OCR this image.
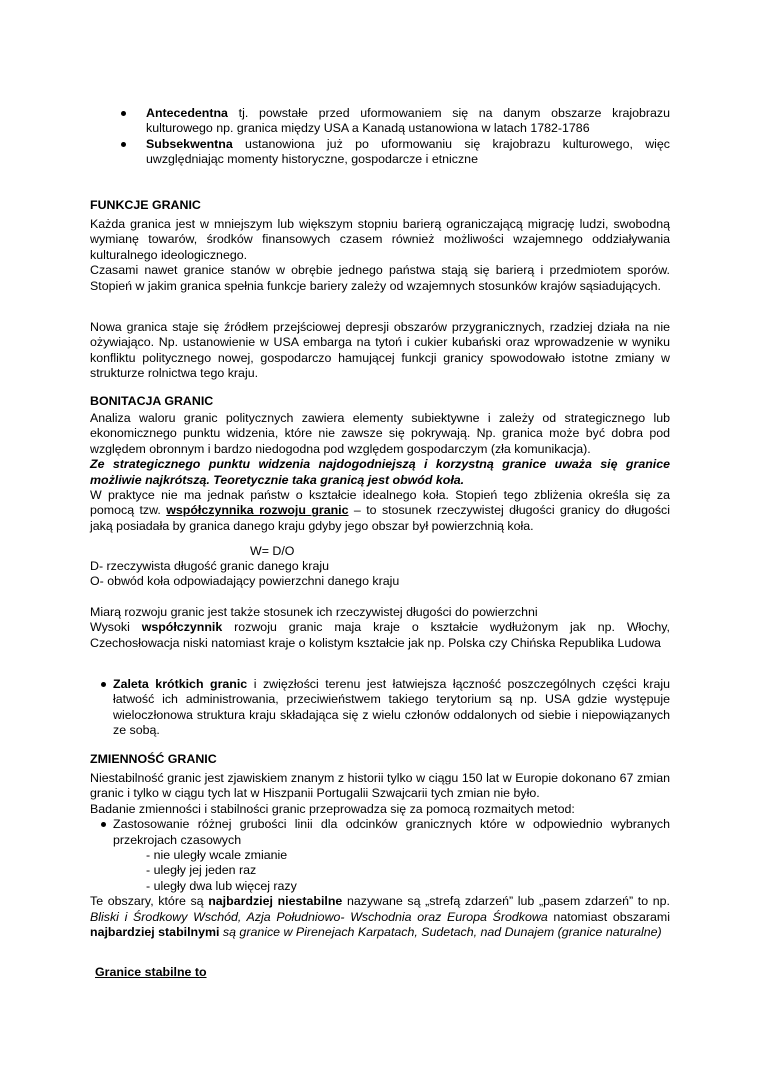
Antecedentna tj. powstałe przed uformowaniem się na danym obszarze krajobrazu kulturowego np. granica między USA a Kanadą ustanowiona w latach 1782-1786
Subsekwentna ustanowiona już po uformowaniu się krajobrazu kulturowego, więc uwzględniając momenty historyczne, gospodarcze i etniczne
FUNKCJE GRANIC

Każda granica jest w mniejszym lub większym stopniu barierą ograniczającą migrację ludzi, swobodną wymianę towarów, środków finansowych czasem również możliwości wzajemnego oddziaływania kulturalnego ideologicznego.

Czasami nawet granice stanów w obrębie jednego państwa stają się barierą i przedmiotem sporów. Stopień w jakim granica spełnia funkcje bariery zależy od wzajemnych stosunków krajów sąsiadujących.

Nowa granica staje się źródłem przejściowej depresji obszarów przygranicznych, rzadziej działa na nie ożywiająco. Np. ustanowienie w USA embarga na tytoń i cukier kubański oraz wprowadzenie w wyniku konfliktu politycznego nowej, gospodarczo hamującej funkcji granicy spowodowało istotne zmiany w strukturze rolnictwa tego kraju.

BONITACJA GRANIC

Analiza waloru granic politycznych zawiera elementy subiektywne i zależy od strategicznego lub ekonomicznego punktu widzenia, które nie zawsze się pokrywają. Np. granica może być dobra pod względem obronnym i bardzo niedogodna pod względem gospodarczym (zła komunikacja).

Ze strategicznego punktu widzenia najdogodniejszą i korzystną granice uważa się granice możliwie najkrótszą. Teoretycznie taka granicą jest obwód koła.

W praktyce nie ma jednak państw o kształcie idealnego koła. Stopień tego zbliżenia określa się za pomocą tzw. współczynnika rozwoju granic – to stosunek rzeczywistej długości granicy do długości jaką posiadała by granica danego kraju gdyby jego obszar był powierzchnią koła.

W= D/O

D- rzeczywista długość granic danego kraju

O- obwód koła odpowiadający powierzchni danego kraju

Miarą rozwoju granic jest także stosunek ich rzeczywistej długości do powierzchni

Wysoki współczynnik rozwoju granic maja kraje o kształcie wydłużonym jak np. Włochy, Czechosłowacja niski natomiast kraje o kolistym kształcie jak np. Polska czy Chińska Republika Ludowa

Zaleta krótkich granic i zwięzłości terenu jest łatwiejsza łączność poszczególnych części kraju łatwość ich administrowania, przeciwieństwem takiego terytorium są np. USA gdzie występuje wieloczłonowa struktura kraju składająca się z wielu członów oddalonych od siebie i niepowiązanych ze sobą.
ZMIENNOŚĆ GRANIC

Niestabilność granic jest zjawiskiem znanym z historii tylko w ciągu 150 lat w Europie dokonano 67 zmian granic i tylko w ciągu tych lat w Hiszpanii Portugalii Szwajcarii tych zmian nie było.

Badanie zmienności i stabilności granic przeprowadza się za pomocą rozmaitych metod:

Zastosowanie różnej grubości linii dla odcinków granicznych które w odpowiednio wybranych przekrojach czasowych

- nie uległy wcale zmianie

- uległy jej jeden raz

- uległy dwa lub więcej razy

Te obszary, które są najbardziej niestabilne nazywane są „strefą zdarzeń” lub „pasem zdarzeń” to np. Bliski i Środkowy Wschód, Azja Południowo- Wschodnia oraz Europa Środkowa natomiast obszarami najbardziej stabilnymi są granice w Pirenejach Karpatach, Sudetach, nad Dunajem (granice naturalne)

Granice stabilne to
